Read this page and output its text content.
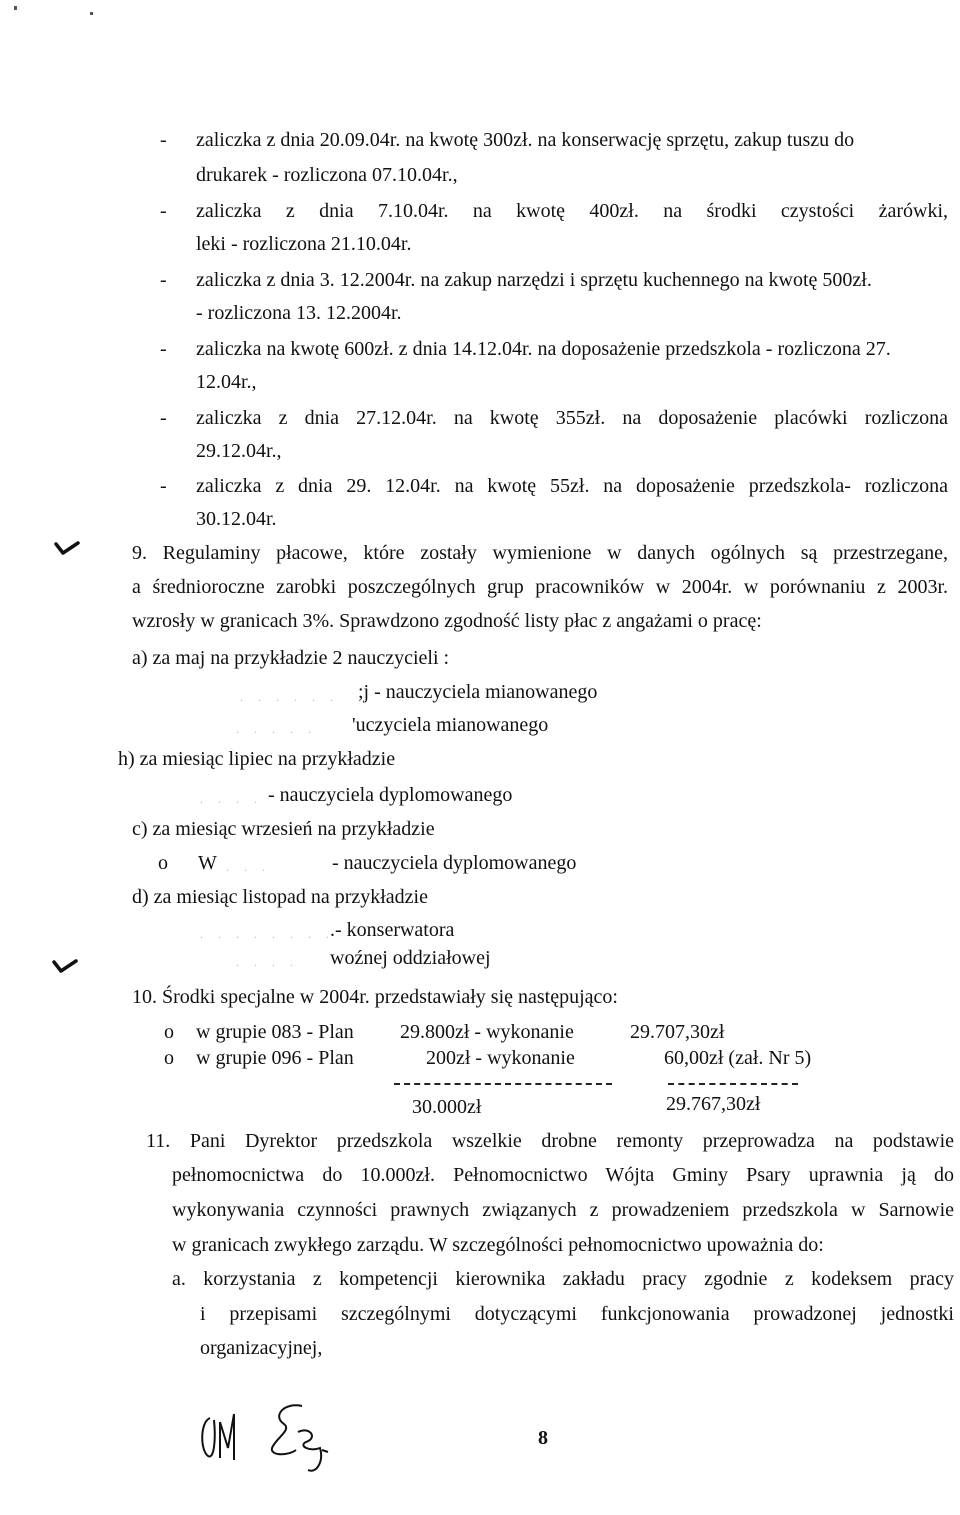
- zaliczka z dnia 20.09.04r. na kwotę 300zł. na konserwację sprzętu, zakup tuszu do
drukarek - rozliczona 07.10.04r.,
- zaliczka z dnia 7.10.04r. na kwotę 400zł. na środki czystości żarówki,
leki - rozliczona 21.10.04r.
- zaliczka z dnia 3. 12.2004r. na zakup narzędzi i sprzętu kuchennego na kwotę 500zł.
- rozliczona 13. 12.2004r.
- zaliczka na kwotę 600zł. z dnia 14.12.04r. na doposażenie przedszkola - rozliczona 27.
12.04r.,
- zaliczka z dnia 27.12.04r. na kwotę 355zł. na doposażenie placówki rozliczona
29.12.04r.,
- zaliczka z dnia 29. 12.04r. na kwotę 55zł. na doposażenie przedszkola- rozliczona
30.12.04r.
9. Regulaminy płacowe, które zostały wymienione w danych ogólnych są przestrzegane,
a średnioroczne zarobki poszczególnych grup pracowników w 2004r. w porównaniu z 2003r.
wzrosły w granicach 3%. Sprawdzono zgodność listy płac z angażami o pracę:
a) za maj na przykładzie 2 nauczycieli :
. . . . . . ;j - nauczyciela mianowanego
. . . . . 'uczyciela mianowanego
h) za miesiąc lipiec na przykładzie
. . . . - nauczyciela dyplomowanego
c) za miesiąc wrzesień na przykładzie
o W . . .	- nauczyciela dyplomowanego
d) za miesiąc listopad na przykładzie
. . . . . . . .
.- konserwatora
. . . . woźnej oddziałowej
10. Środki specjalne w 2004r. przedstawiały się następująco:
o w grupie 083 - Plan 29.800zł - wykonanie	29.707,30zł
o w grupie 096 - Plan	200zł - wykonanie	60,00zł (zał. Nr 5)
30.000zł	29.767,30zł
11. Pani Dyrektor przedszkola wszelkie drobne remonty przeprowadza na podstawie
pełnomocnictwa do 10.000zł. Pełnomocnictwo Wójta Gminy Psary uprawnia ją do
wykonywania czynności prawnych związanych z prowadzeniem przedszkola w Sarnowie
w granicach zwykłego zarządu. W szczególności pełnomocnictwo upoważnia do:
a. korzystania z kompetencji kierownika zakładu pracy zgodnie z kodeksem pracy
i przepisami szczególnymi dotyczącymi funkcjonowania prowadzonej jednostki
organizacyjnej,
8
